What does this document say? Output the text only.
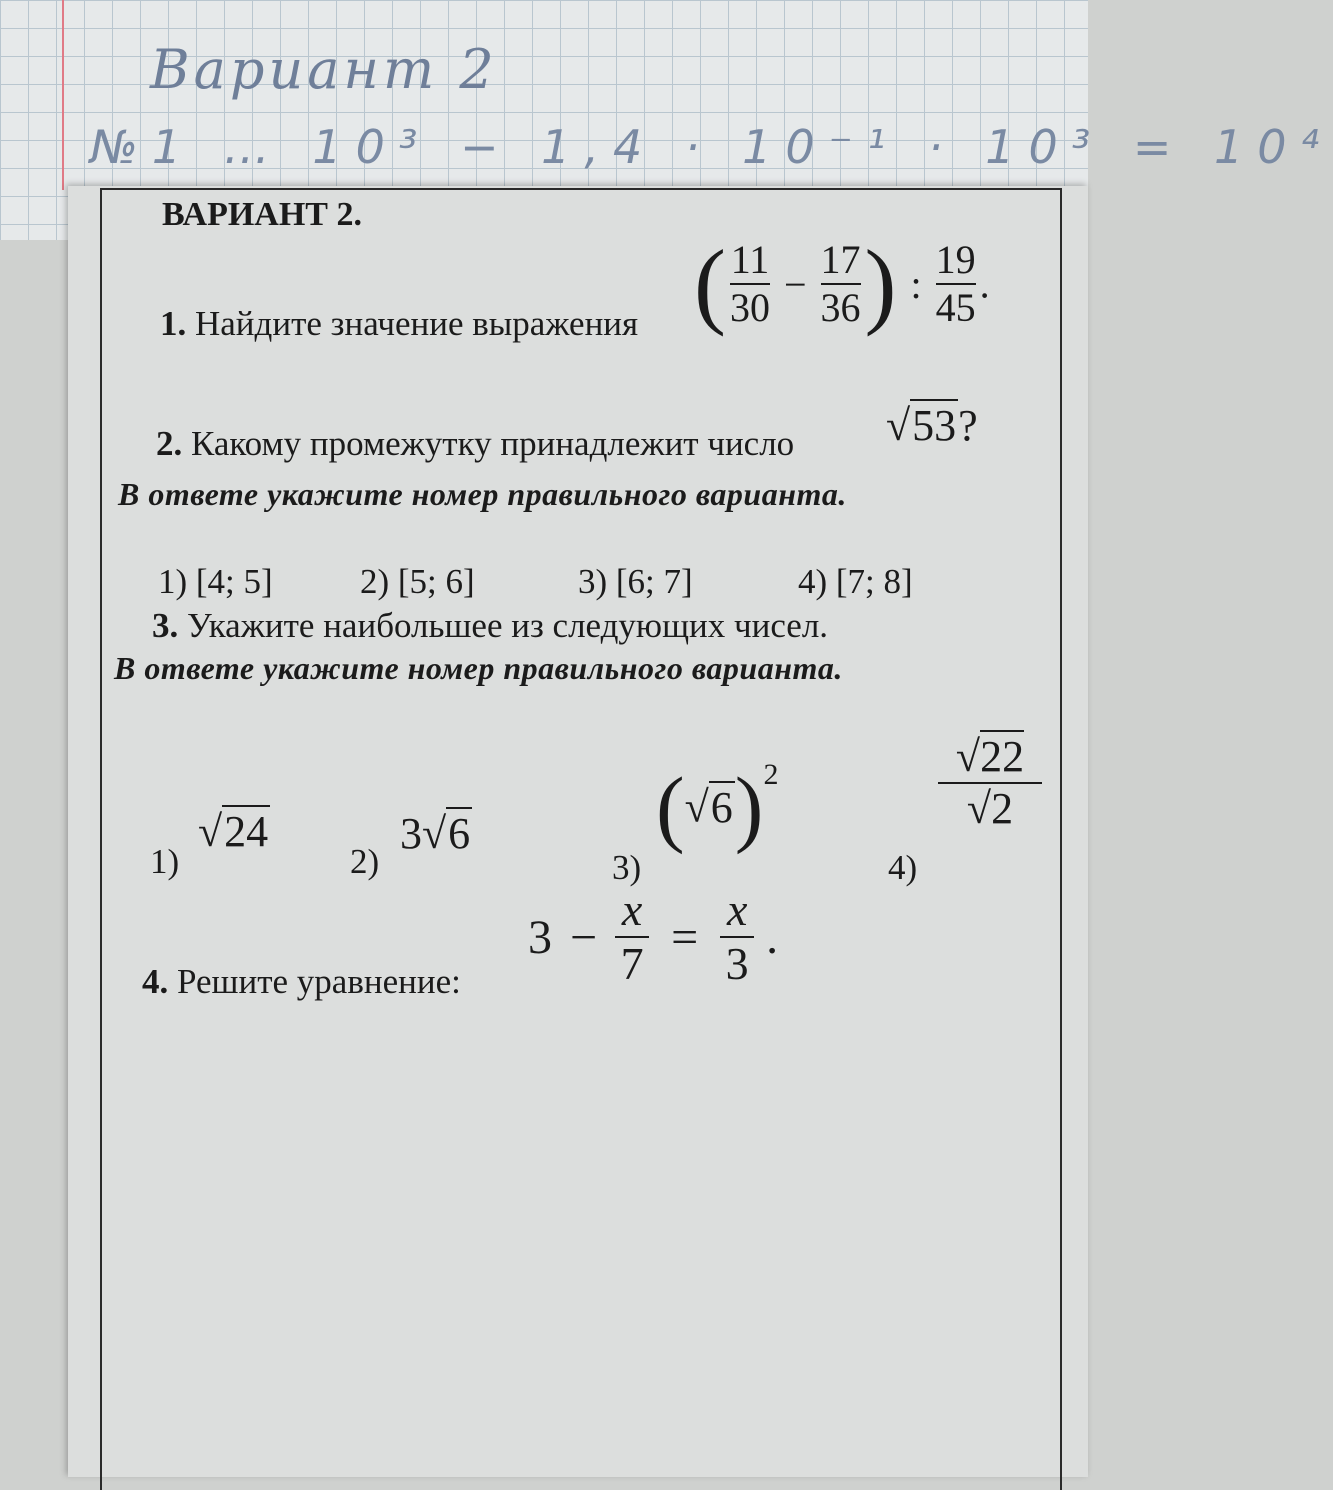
Вариант 2
№1 … 10³ − 1,4 · 10⁻¹ · 10³ = 10⁴
ВАРИАНТ 2.
1. Найдите значение выражения ( $\frac{11}{30} - \frac{17}{36}$ ) : $\frac{19}{45}$ .
2. Какому промежутку принадлежит число √53?
В ответе укажите номер правильного варианта.
1) [4; 5] 2) [5; 6]	3) [6; 7]	4) [7; 8]
3. Укажите наибольшее из следующих чисел.
В ответе укажите номер правильного варианта.
1)
√24
2)
3√6
3)
$(√6)^2$
4)
$\frac{√22}{√2}$
4. Решите уравнение:
$3 - \frac{x}{7} = \frac{x}{3}$ .
